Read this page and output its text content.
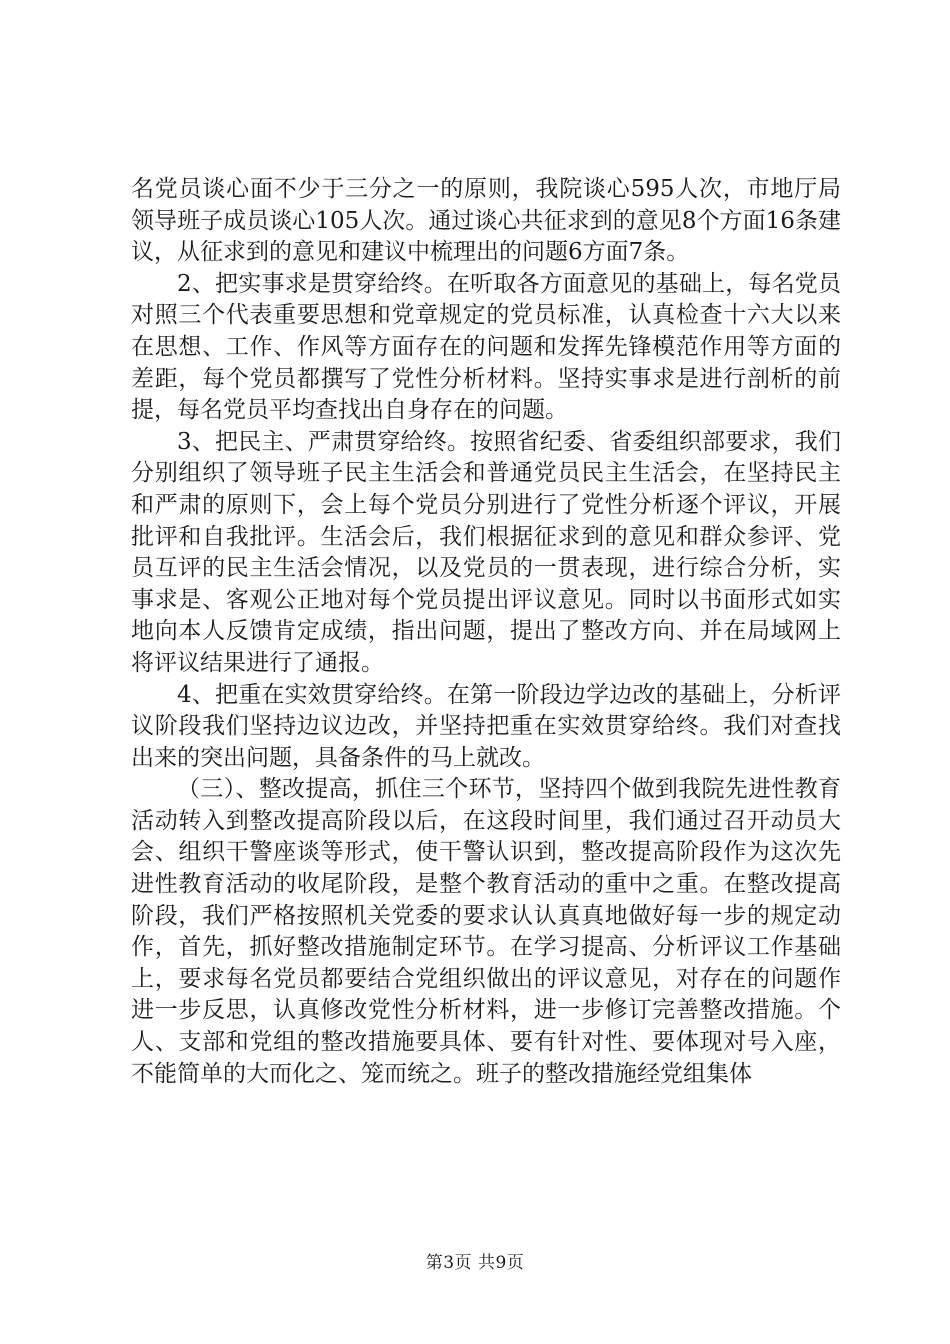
名党员谈心面不少于三分之一的原则，我院谈心595人次，市地厅局领导班子成员谈心105人次。通过谈心共征求到的意见8个方面16条建议，从征求到的意见和建议中梳理出的问题6方面7条。

2、把实事求是贯穿给终。在听取各方面意见的基础上，每名党员对照三个代表重要思想和党章规定的党员标准，认真检查十六大以来在思想、工作、作风等方面存在的问题和发挥先锋模范作用等方面的差距，每个党员都撰写了党性分析材料。坚持实事求是进行剖析的前提，每名党员平均查找出自身存在的问题。

3、把民主、严肃贯穿给终。按照省纪委、省委组织部要求，我们分别组织了领导班子民主生活会和普通党员民主生活会，在坚持民主和严肃的原则下，会上每个党员分别进行了党性分析逐个评议，开展批评和自我批评。生活会后，我们根据征求到的意见和群众参评、党员互评的民主生活会情况，以及党员的一贯表现，进行综合分析，实事求是、客观公正地对每个党员提出评议意见。同时以书面形式如实地向本人反馈肯定成绩，指出问题，提出了整改方向、并在局域网上将评议结果进行了通报。

4、把重在实效贯穿给终。在第一阶段边学边改的基础上，分析评议阶段我们坚持边议边改，并坚持把重在实效贯穿给终。我们对查找出来的突出问题，具备条件的马上就改。

（三）、整改提高，抓住三个环节，坚持四个做到我院先进性教育活动转入到整改提高阶段以后，在这段时间里，我们通过召开动员大会、组织干警座谈等形式，使干警认识到，整改提高阶段作为这次先进性教育活动的收尾阶段，是整个教育活动的重中之重。在整改提高阶段，我们严格按照机关党委的要求认认真真地做好每一步的规定动作，首先，抓好整改措施制定环节。在学习提高、分析评议工作基础上，要求每名党员都要结合党组织做出的评议意见，对存在的问题作进一步反思，认真修改党性分析材料，进一步修订完善整改措施。个人、支部和党组的整改措施要具体、要有针对性、要体现对号入座，不能简单的大而化之、笼而统之。班子的整改措施经党组集体

第3页 共9页
